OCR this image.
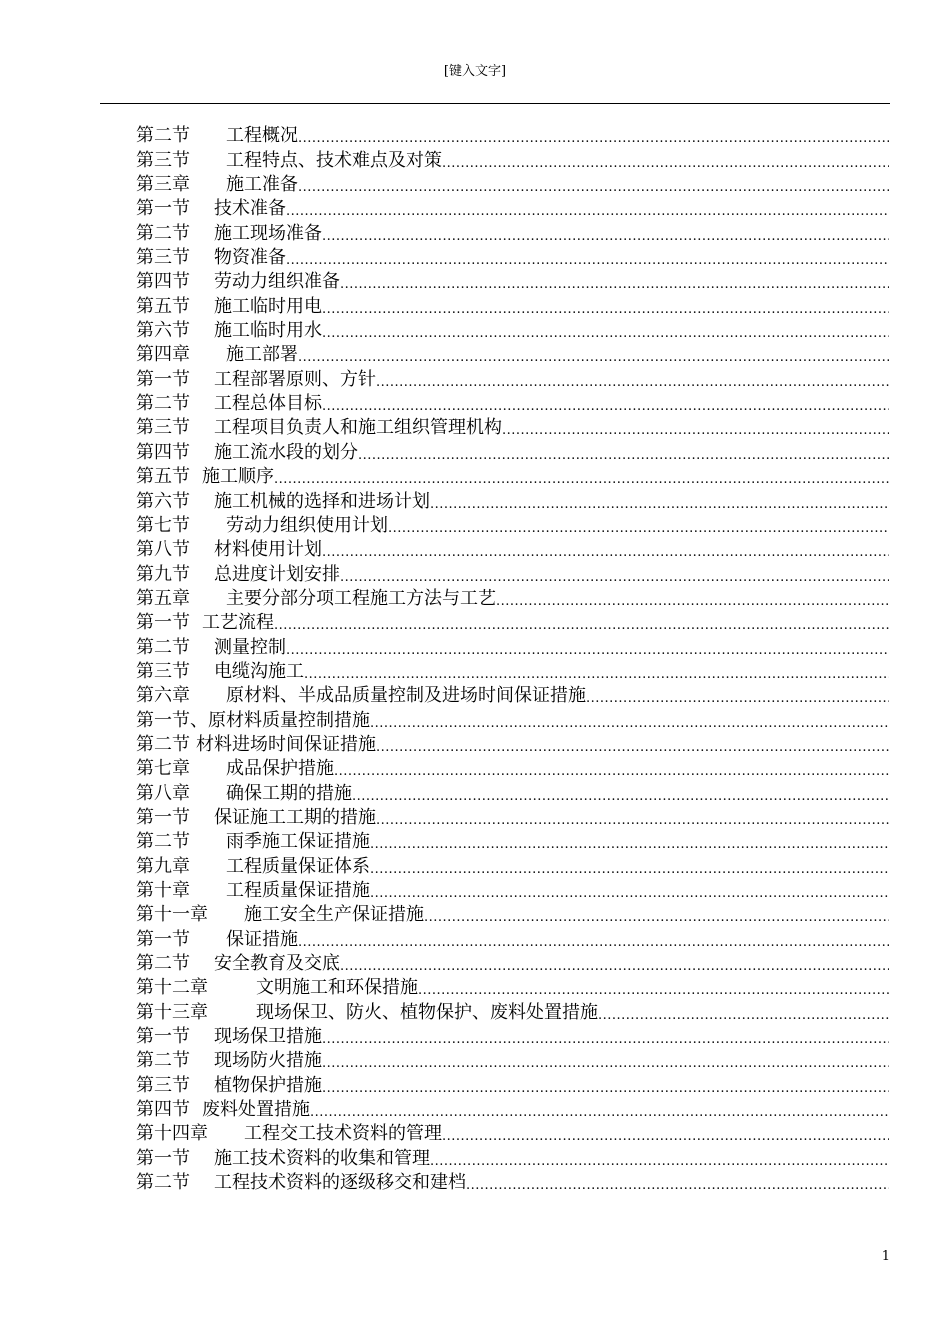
[键入文字]
第二节 工程概况
.....
第三节 工程特点、技术难点及对策
.....
第三章 施工准备
.....
第一节 技术准备
.....
第二节 施工现场准备
.....
第三节 物资准备
.....
第四节 劳动力组织准备
.....
第五节 施工临时用电
.....
第六节 施工临时用水
.....
第四章 施工部署
.....
第一节 工程部署原则、方针
.....
第二节 工程总体目标
.....
第三节 工程项目负责人和施工组织管理机构
.....
第四节 施工流水段的划分
.....
第五节 施工顺序
.....
第六节 施工机械的选择和进场计划
.....
第七节 劳动力组织使用计划
.....
第八节 材料使用计划
.....
第九节 总进度计划安排
.....
第五章 主要分部分项工程施工方法与工艺
.....
第一节 工艺流程
.....
第二节 测量控制
.....
第三节 电缆沟施工
.....
第六章 原材料、半成品质量控制及进场时间保证措施
.....
第一节、 原材料质量控制措施
.....
第二节 材料进场时间保证措施
.....
第七章 成品保护措施
.....
第八章 确保工期的措施
.....
第一节 保证施工工期的措施
.....
第二节 雨季施工保证措施
.....
第九章 工程质量保证体系
.....
第十章 工程质量保证措施
.....
第十一章 施工安全生产保证措施
.....
第一节 保证措施
.....
第二节 安全教育及交底
.....
第十二章	文明施工和环保措施
.....
第十三章	现场保卫、防火、植物保护、废料处置措施
.....
第一节 现场保卫措施
.....
第二节 现场防火措施
.....
第三节 植物保护措施
.....
第四节 废料处置措施
.....
第十四章 工程交工技术资料的管理
.....
第一节 施工技术资料的收集和管理
.....
第二节 工程技术资料的逐级移交和建档
.....
1
